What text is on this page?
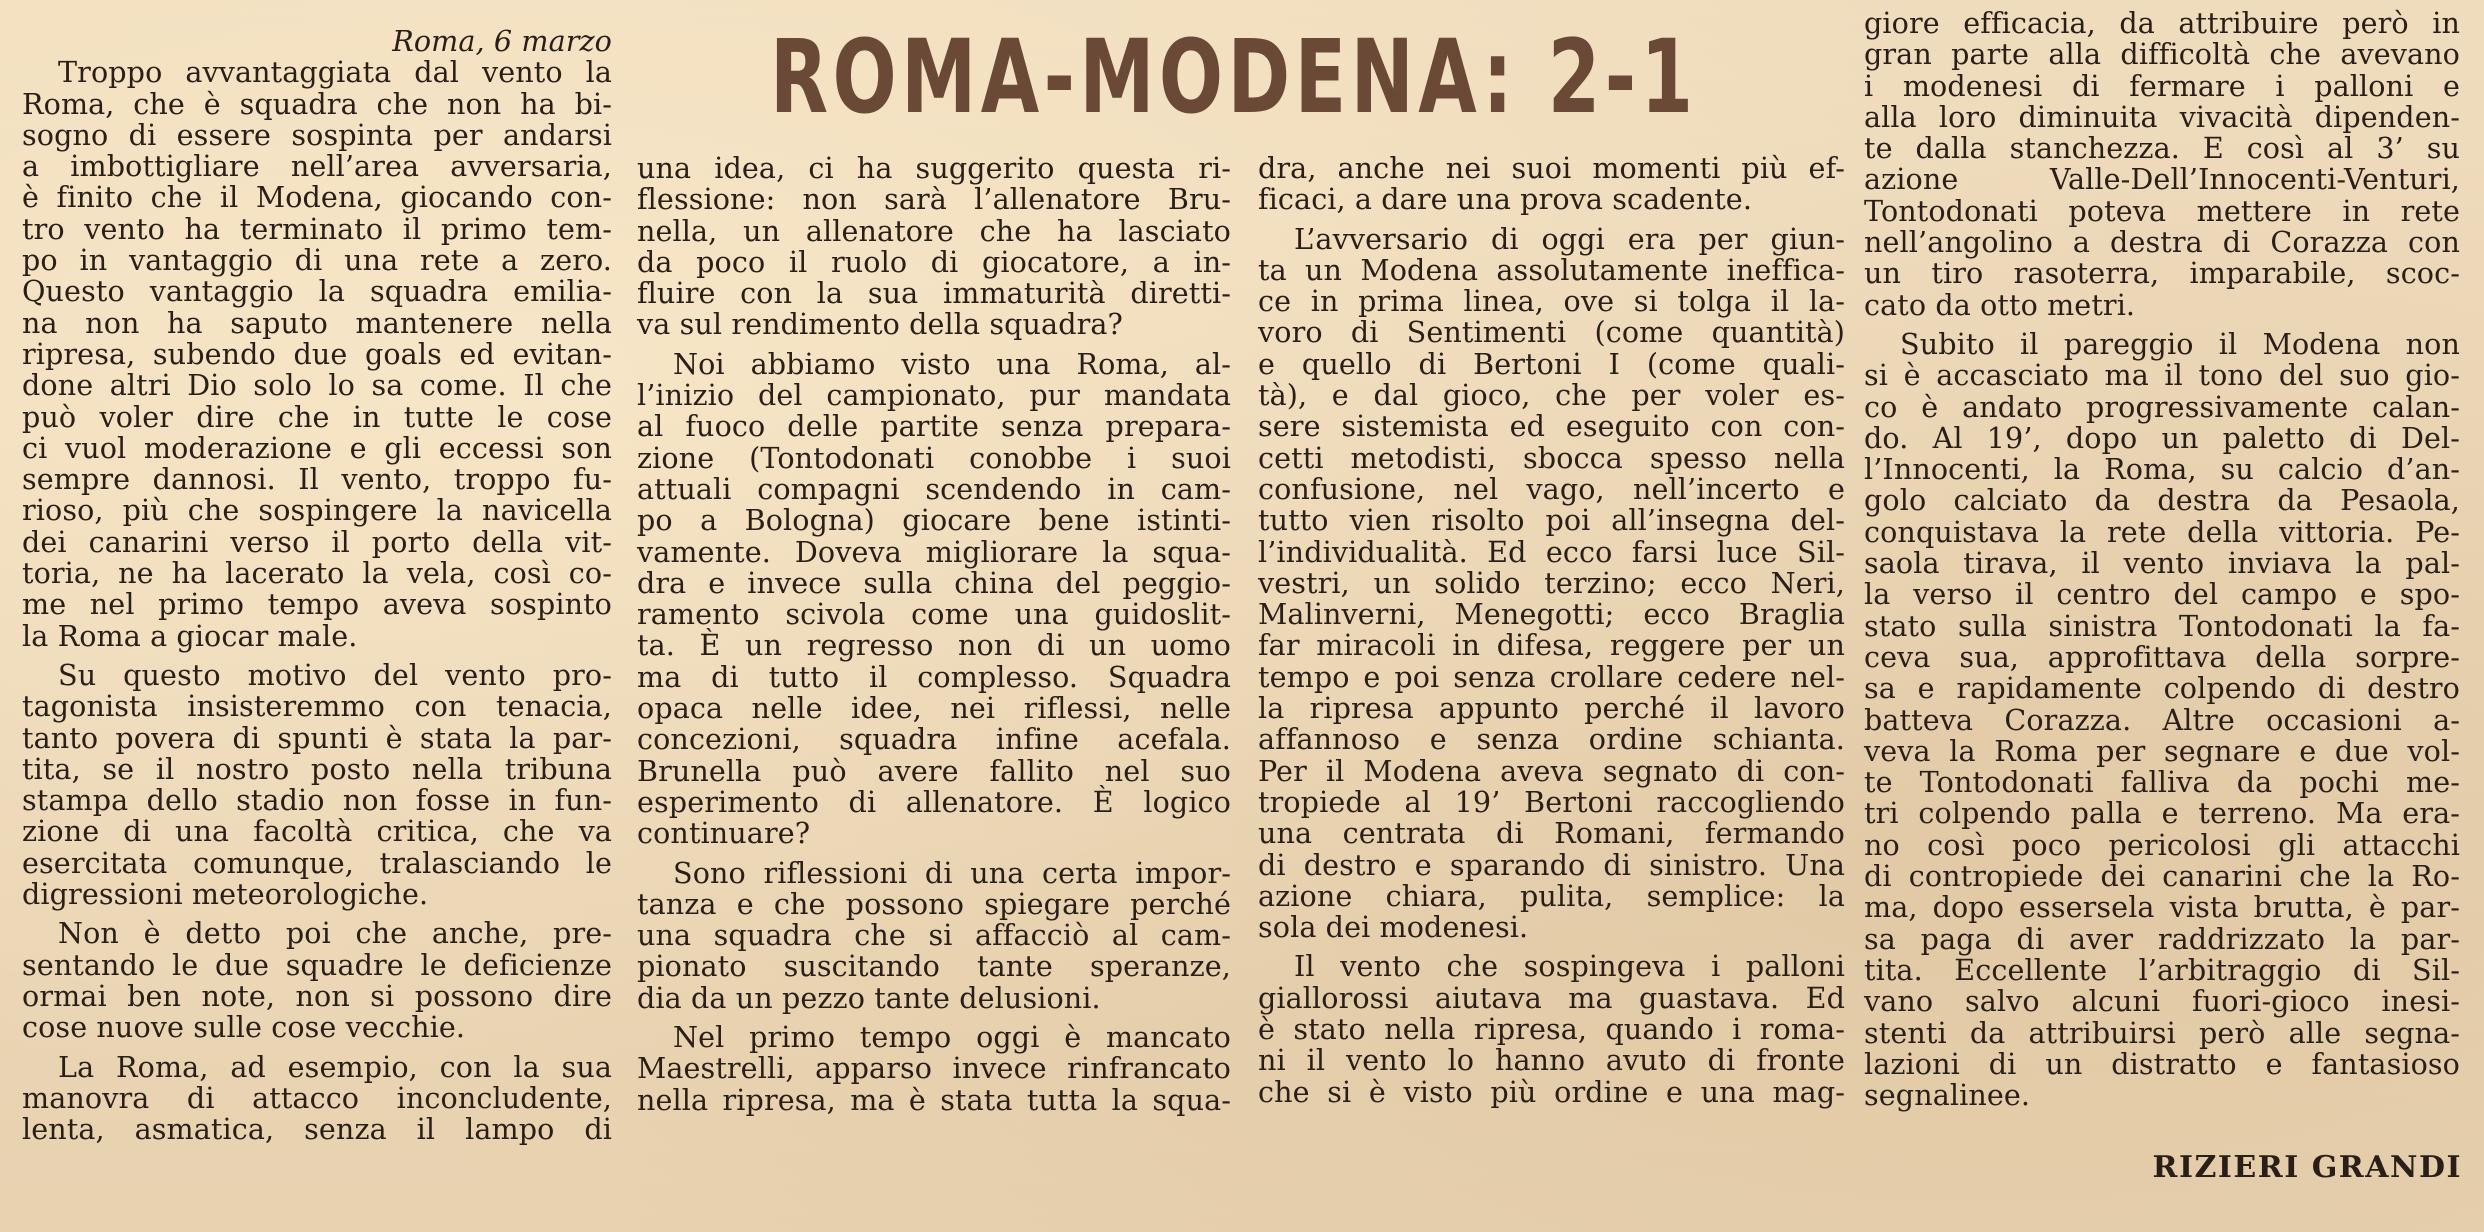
ROMA-MODENA: 2-1
Roma, 6 marzo
Troppo avvantaggiata dal vento la
Roma, che è squadra che non ha bi-
sogno di essere sospinta per andarsi
a imbottigliare nell’area avversaria,
è finito che il Modena, giocando con-
tro vento ha terminato il primo tem-
po in vantaggio di una rete a zero.
Questo vantaggio la squadra emilia-
na non ha saputo mantenere nella
ripresa, subendo due goals ed evitan-
done altri Dio solo lo sa come. Il che
può voler dire che in tutte le cose
ci vuol moderazione e gli eccessi son
sempre dannosi. Il vento, troppo fu-
rioso, più che sospingere la navicella
dei canarini verso il porto della vit-
toria, ne ha lacerato la vela, così co-
me nel primo tempo aveva sospinto
la Roma a giocar male.
Su questo motivo del vento pro-
tagonista insisteremmo con tenacia,
tanto povera di spunti è stata la par-
tita, se il nostro posto nella tribuna
stampa dello stadio non fosse in fun-
zione di una facoltà critica, che va
esercitata comunque, tralasciando le
digressioni meteorologiche.
Non è detto poi che anche, pre-
sentando le due squadre le deficienze
ormai ben note, non si possono dire
cose nuove sulle cose vecchie.
La Roma, ad esempio, con la sua
manovra di attacco inconcludente,
lenta, asmatica, senza il lampo di
una idea, ci ha suggerito questa ri-
flessione: non sarà l’allenatore Bru-
nella, un allenatore che ha lasciato
da poco il ruolo di giocatore, a in-
fluire con la sua immaturità diretti-
va sul rendimento della squadra?
Noi abbiamo visto una Roma, al-
l’inizio del campionato, pur mandata
al fuoco delle partite senza prepara-
zione (Tontodonati conobbe i suoi
attuali compagni scendendo in cam-
po a Bologna) giocare bene istinti-
vamente. Doveva migliorare la squa-
dra e invece sulla china del peggio-
ramento scivola come una guidoslit-
ta. È un regresso non di un uomo
ma di tutto il complesso. Squadra
opaca nelle idee, nei riflessi, nelle
concezioni, squadra infine acefala.
Brunella può avere fallito nel suo
esperimento di allenatore. È logico
continuare?
Sono riflessioni di una certa impor-
tanza e che possono spiegare perché
una squadra che si affacciò al cam-
pionato suscitando tante speranze,
dia da un pezzo tante delusioni.
Nel primo tempo oggi è mancato
Maestrelli, apparso invece rinfrancato
nella ripresa, ma è stata tutta la squa-
dra, anche nei suoi momenti più ef-
ficaci, a dare una prova scadente.
L’avversario di oggi era per giun-
ta un Modena assolutamente ineffica-
ce in prima linea, ove si tolga il la-
voro di Sentimenti (come quantità)
e quello di Bertoni I (come quali-
tà), e dal gioco, che per voler es-
sere sistemista ed eseguito con con-
cetti metodisti, sbocca spesso nella
confusione, nel vago, nell’incerto e
tutto vien risolto poi all’insegna del-
l’individualità. Ed ecco farsi luce Sil-
vestri, un solido terzino; ecco Neri,
Malinverni, Menegotti; ecco Braglia
far miracoli in difesa, reggere per un
tempo e poi senza crollare cedere nel-
la ripresa appunto perché il lavoro
affannoso e senza ordine schianta.
Per il Modena aveva segnato di con-
tropiede al 19’ Bertoni raccogliendo
una centrata di Romani, fermando
di destro e sparando di sinistro. Una
azione chiara, pulita, semplice: la
sola dei modenesi.
Il vento che sospingeva i palloni
giallorossi aiutava ma guastava. Ed
è stato nella ripresa, quando i roma-
ni il vento lo hanno avuto di fronte
che si è visto più ordine e una mag-
giore efficacia, da attribuire però in
gran parte alla difficoltà che avevano
i modenesi di fermare i palloni e
alla loro diminuita vivacità dipenden-
te dalla stanchezza. E così al 3’ su
azione Valle-Dell’Innocenti-Venturi,
Tontodonati poteva mettere in rete
nell’angolino a destra di Corazza con
un tiro rasoterra, imparabile, scoc-
cato da otto metri.
Subito il pareggio il Modena non
si è accasciato ma il tono del suo gio-
co è andato progressivamente calan-
do. Al 19’, dopo un paletto di Del-
l’Innocenti, la Roma, su calcio d’an-
golo calciato da destra da Pesaola,
conquistava la rete della vittoria. Pe-
saola tirava, il vento inviava la pal-
la verso il centro del campo e spo-
stato sulla sinistra Tontodonati la fa-
ceva sua, approfittava della sorpre-
sa e rapidamente colpendo di destro
batteva Corazza. Altre occasioni a-
veva la Roma per segnare e due vol-
te Tontodonati falliva da pochi me-
tri colpendo palla e terreno. Ma era-
no così poco pericolosi gli attacchi
di contropiede dei canarini che la Ro-
ma, dopo essersela vista brutta, è par-
sa paga di aver raddrizzato la par-
tita. Eccellente l’arbitraggio di Sil-
vano salvo alcuni fuori-gioco inesi-
stenti da attribuirsi però alle segna-
lazioni di un distratto e fantasioso
segnalinee.
RIZIERI GRANDI
